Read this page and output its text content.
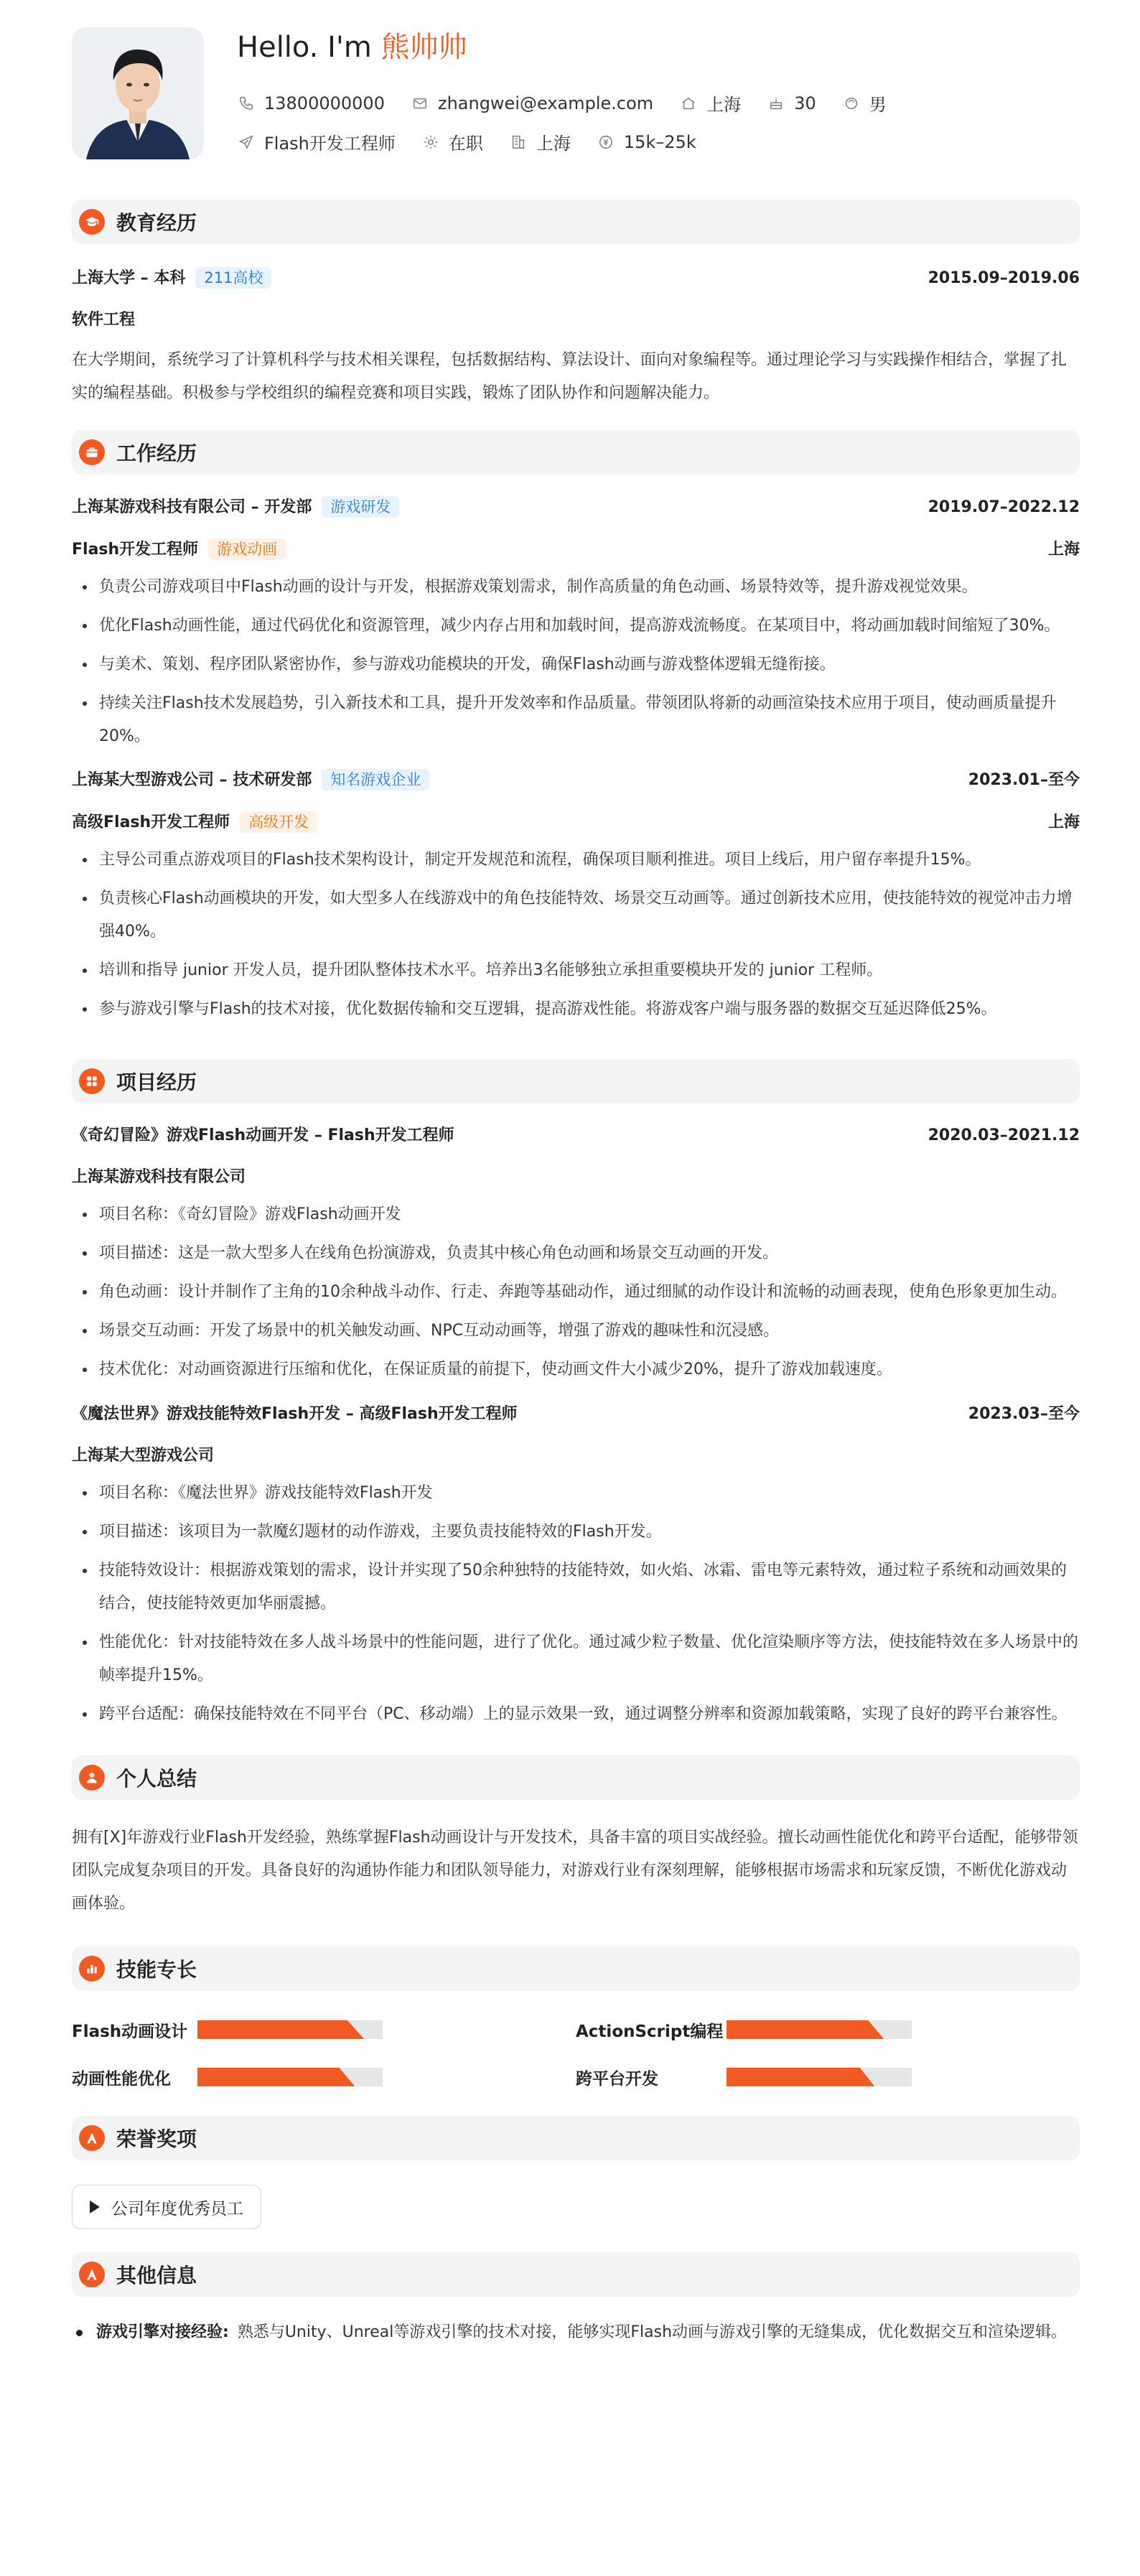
Hello. I'm 熊帅帅
13800000000	zhangwei@example.com	上海	30	男
Flash开发工程师	在职	上海	15k–25k
教育经历
上海大学 – 本科 211高校	2015.09–2019.06
软件工程
在大学期间，系统学习了计算机科学与技术相关课程，包括数据结构、算法设计、面向对象编程等。通过理论学习与实践操作相结合，掌握了扎实的编程基础。积极参与学校组织的编程竞赛和项目实践，锻炼了团队协作和问题解决能力。
工作经历
上海某游戏科技有限公司 – 开发部 游戏研发	2019.07–2022.12
Flash开发工程师 游戏动画	上海
• 负责公司游戏项目中Flash动画的设计与开发，根据游戏策划需求，制作高质量的角色动画、场景特效等，提升游戏视觉效果。
• 优化Flash动画性能，通过代码优化和资源管理，减少内存占用和加载时间，提高游戏流畅度。在某项目中，将动画加载时间缩短了30%。
• 与美术、策划、程序团队紧密协作，参与游戏功能模块的开发，确保Flash动画与游戏整体逻辑无缝衔接。
• 持续关注Flash技术发展趋势，引入新技术和工具，提升开发效率和作品质量。带领团队将新的动画渲染技术应用于项目，使动画质量提升20%。
上海某大型游戏公司 – 技术研发部 知名游戏企业	2023.01–至今
高级Flash开发工程师 高级开发	上海
• 主导公司重点游戏项目的Flash技术架构设计，制定开发规范和流程，确保项目顺利推进。项目上线后，用户留存率提升15%。
• 负责核心Flash动画模块的开发，如大型多人在线游戏中的角色技能特效、场景交互动画等。通过创新技术应用，使技能特效的视觉冲击力增强40%。
• 培训和指导 junior 开发人员，提升团队整体技术水平。培养出3名能够独立承担重要模块开发的 junior 工程师。
• 参与游戏引擎与Flash的技术对接，优化数据传输和交互逻辑，提高游戏性能。将游戏客户端与服务器的数据交互延迟降低25%。
项目经历
《奇幻冒险》游戏Flash动画开发 – Flash开发工程师	2020.03–2021.12
上海某游戏科技有限公司
• 项目名称：《奇幻冒险》游戏Flash动画开发
• 项目描述：这是一款大型多人在线角色扮演游戏，负责其中核心角色动画和场景交互动画的开发。
• 角色动画：设计并制作了主角的10余种战斗动作、行走、奔跑等基础动作，通过细腻的动作设计和流畅的动画表现，使角色形象更加生动。
• 场景交互动画：开发了场景中的机关触发动画、NPC互动动画等，增强了游戏的趣味性和沉浸感。
• 技术优化：对动画资源进行压缩和优化，在保证质量的前提下，使动画文件大小减少20%，提升了游戏加载速度。
《魔法世界》游戏技能特效Flash开发 – 高级Flash开发工程师	2023.03–至今
上海某大型游戏公司
• 项目名称：《魔法世界》游戏技能特效Flash开发
• 项目描述：该项目为一款魔幻题材的动作游戏，主要负责技能特效的Flash开发。
• 技能特效设计：根据游戏策划的需求，设计并实现了50余种独特的技能特效，如火焰、冰霜、雷电等元素特效，通过粒子系统和动画效果的结合，使技能特效更加华丽震撼。
• 性能优化：针对技能特效在多人战斗场景中的性能问题，进行了优化。通过减少粒子数量、优化渲染顺序等方法，使技能特效在多人场景中的帧率提升15%。
• 跨平台适配：确保技能特效在不同平台（PC、移动端）上的显示效果一致，通过调整分辨率和资源加载策略，实现了良好的跨平台兼容性。
个人总结
拥有[X]年游戏行业Flash开发经验，熟练掌握Flash动画设计与开发技术，具备丰富的项目实战经验。擅长动画性能优化和跨平台适配，能够带领团队完成复杂项目的开发。具备良好的沟通协作能力和团队领导能力，对游戏行业有深刻理解，能够根据市场需求和玩家反馈，不断优化游戏动画体验。
技能专长
Flash动画设计	ActionScript编程
动画性能优化	跨平台开发
荣誉奖项
公司年度优秀员工
其他信息
游戏引擎对接经验: 熟悉与Unity、Unreal等游戏引擎的技术对接，能够实现Flash动画与游戏引擎的无缝集成，优化数据交互和渲染逻辑。
